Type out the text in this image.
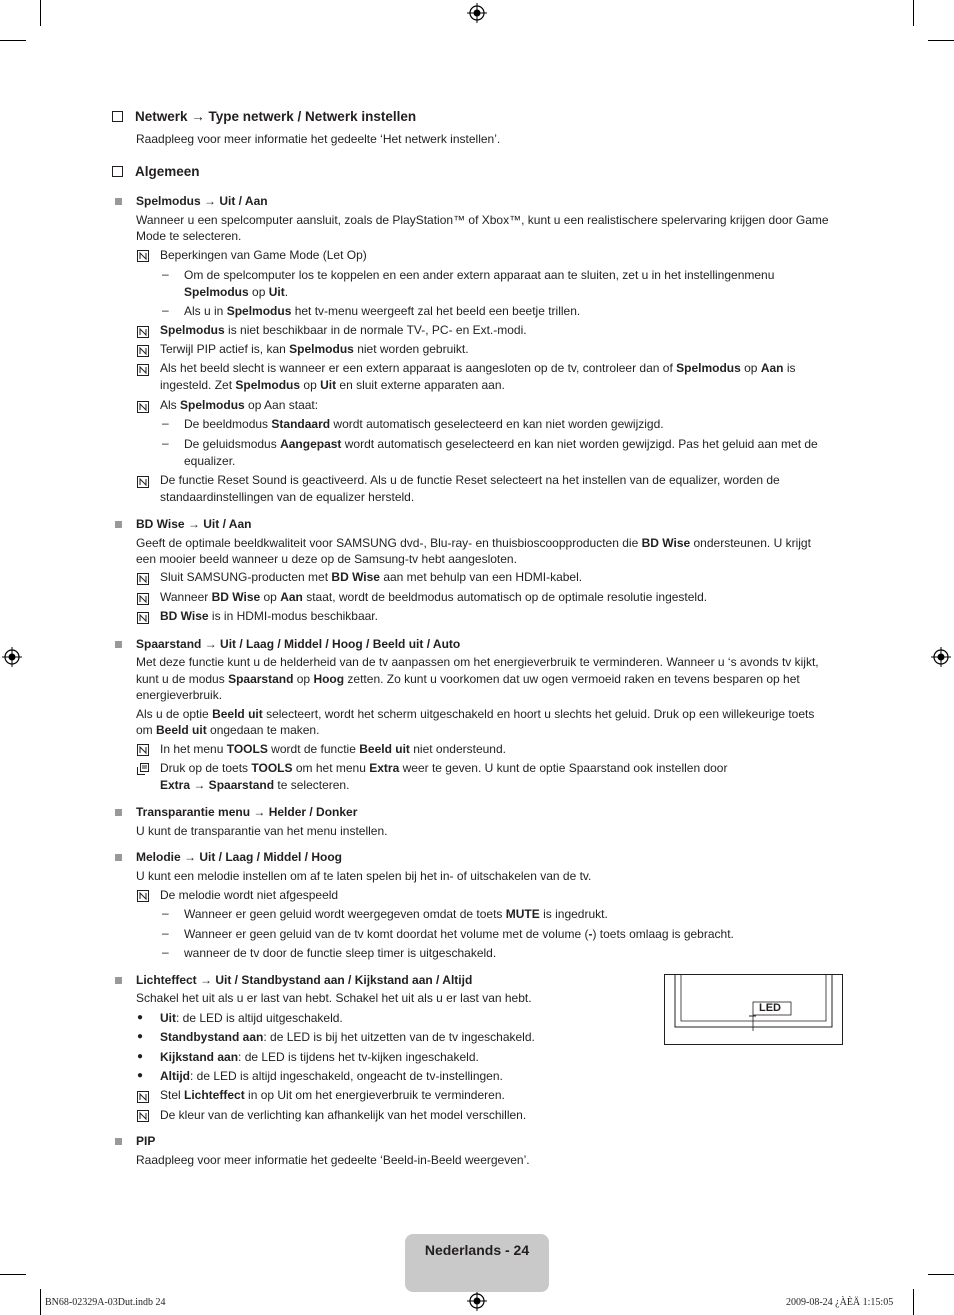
Netwerk → Type netwerk / Netwerk instellen
Raadpleeg voor meer informatie het gedeelte ‘Het netwerk instellen’.
Algemeen
Spelmodus → Uit / Aan
Wanneer u een spelcomputer aansluit, zoals de PlayStation™ of Xbox™, kunt u een realistischere spelervaring krijgen door Game
Mode te selecteren.
Beperkingen van Game Mode (Let Op)
– Om de spelcomputer los te koppelen en een ander extern apparaat aan te sluiten, zet u in het instellingenmenu
Spelmodus op Uit.
– Als u in Spelmodus het tv-menu weergeeft zal het beeld een beetje trillen.
Spelmodus is niet beschikbaar in de normale TV-, PC- en Ext.-modi.
Terwijl PIP actief is, kan Spelmodus niet worden gebruikt.
Als het beeld slecht is wanneer er een extern apparaat is aangesloten op de tv, controleer dan of Spelmodus op Aan is
ingesteld. Zet Spelmodus op Uit en sluit externe apparaten aan.
Als Spelmodus op Aan staat:
– De beeldmodus Standaard wordt automatisch geselecteerd en kan niet worden gewijzigd.
– De geluidsmodus Aangepast wordt automatisch geselecteerd en kan niet worden gewijzigd. Pas het geluid aan met de
equalizer.
De functie Reset Sound is geactiveerd. Als u de functie Reset selecteert na het instellen van de equalizer, worden de
standaardinstellingen van de equalizer hersteld.
BD Wise → Uit / Aan
Geeft de optimale beeldkwaliteit voor SAMSUNG dvd-, Blu-ray- en thuisbioscoopproducten die BD Wise ondersteunen. U krijgt
een mooier beeld wanneer u deze op de Samsung-tv hebt aangesloten.
Sluit SAMSUNG-producten met BD Wise aan met behulp van een HDMI-kabel.
Wanneer BD Wise op Aan staat, wordt de beeldmodus automatisch op de optimale resolutie ingesteld.
BD Wise is in HDMI-modus beschikbaar.
Spaarstand → Uit / Laag / Middel / Hoog / Beeld uit / Auto
Met deze functie kunt u de helderheid van de tv aanpassen om het energieverbruik te verminderen. Wanneer u ‘s avonds tv kijkt,
kunt u de modus Spaarstand op Hoog zetten. Zo kunt u voorkomen dat uw ogen vermoeid raken en tevens besparen op het
energieverbruik.
Als u de optie Beeld uit selecteert, wordt het scherm uitgeschakeld en hoort u slechts het geluid. Druk op een willekeurige toets
om Beeld uit ongedaan te maken.
In het menu TOOLS wordt de functie Beeld uit niet ondersteund.
Druk op de toets TOOLS om het menu Extra weer te geven. U kunt de optie Spaarstand ook instellen door
Extra → Spaarstand te selecteren.
Transparantie menu → Helder / Donker
U kunt de transparantie van het menu instellen.
Melodie → Uit / Laag / Middel / Hoog
U kunt een melodie instellen om af te laten spelen bij het in- of uitschakelen van de tv.
De melodie wordt niet afgespeeld
– Wanneer er geen geluid wordt weergegeven omdat de toets MUTE is ingedrukt.
– Wanneer er geen geluid van de tv komt doordat het volume met de volume (-) toets omlaag is gebracht.
– wanneer de tv door de functie sleep timer is uitgeschakeld.
Lichteffect → Uit / Standbystand aan / Kijkstand aan / Altijd
Schakel het uit als u er last van hebt. Schakel het uit als u er last van hebt.
● Uit: de LED is altijd uitgeschakeld.
● Standbystand aan: de LED is bij het uitzetten van de tv ingeschakeld.
● Kijkstand aan: de LED is tijdens het tv-kijken ingeschakeld.
● Altijd: de LED is altijd ingeschakeld, ongeacht de tv-instellingen.
Stel Lichteffect in op Uit om het energieverbruik te verminderen.
De kleur van de verlichting kan afhankelijk van het model verschillen.
LED
PIP
Raadpleeg voor meer informatie het gedeelte ‘Beeld-in-Beeld weergeven’.
Nederlands - 24
BN68-02329A-03Dut.indb 24	2009-08-24 ¿ÀÈÄ 1:15:05
